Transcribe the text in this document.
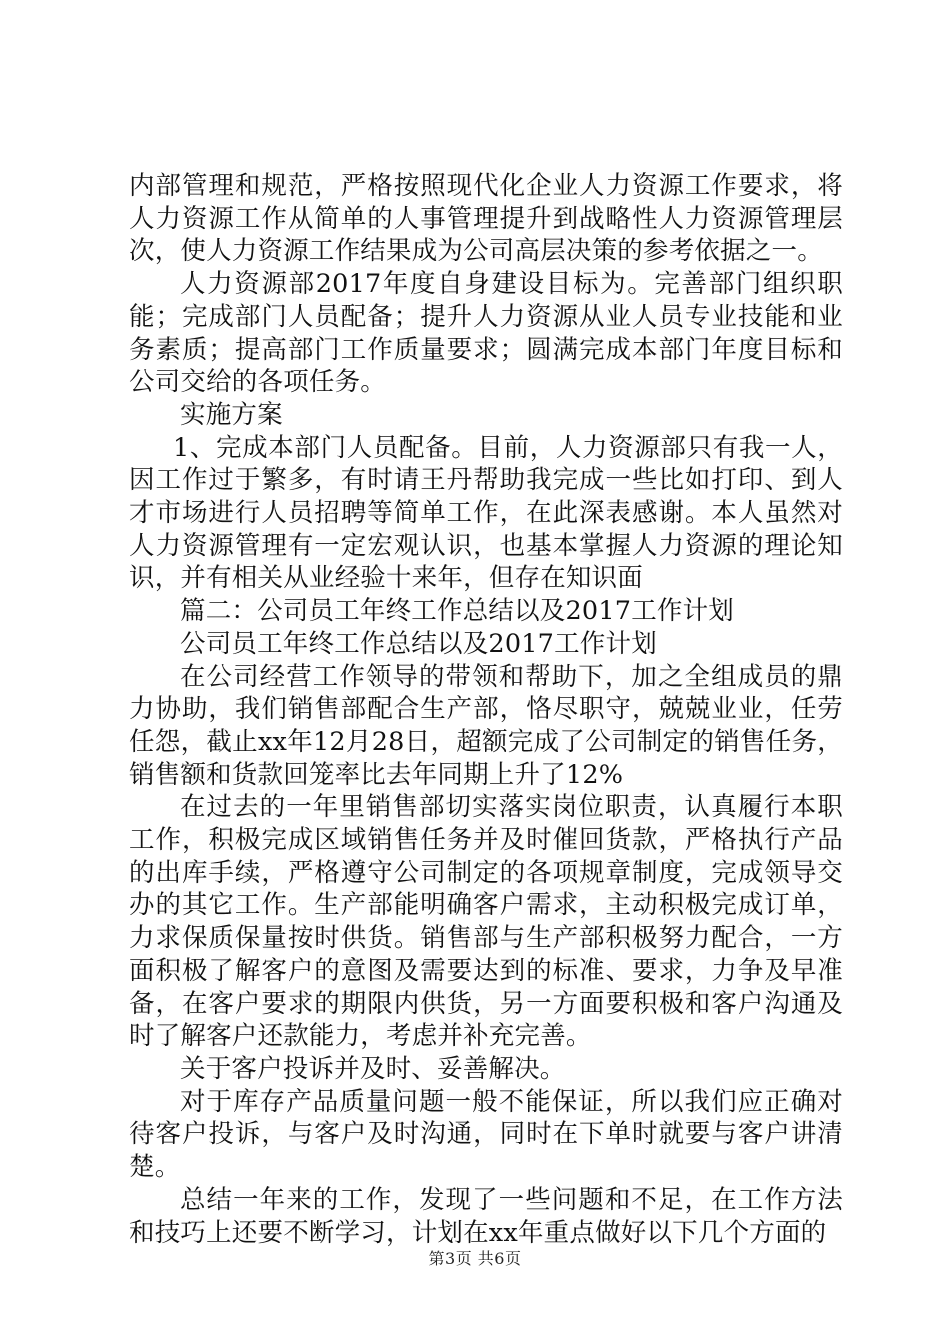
内部管理和规范，严格按照现代化企业人力资源工作要求，将人力资源工作从简单的人事管理提升到战略性人力资源管理层次，使人力资源工作结果成为公司高层决策的参考依据之一。

人力资源部2017年度自身建设目标为。完善部门组织职能；完成部门人员配备；提升人力资源从业人员专业技能和业务素质；提高部门工作质量要求；圆满完成本部门年度目标和公司交给的各项任务。

实施方案

1、完成本部门人员配备。目前，人力资源部只有我一人，因工作过于繁多，有时请王丹帮助我完成一些比如打印、到人才市场进行人员招聘等简单工作，在此深表感谢。本人虽然对人力资源管理有一定宏观认识，也基本掌握人力资源的理论知识，并有相关从业经验十来年，但存在知识面

篇二：公司员工年终工作总结以及2017工作计划

公司员工年终工作总结以及2017工作计划

在公司经营工作领导的带领和帮助下，加之全组成员的鼎力协助，我们销售部配合生产部，恪尽职守，兢兢业业，任劳任怨，截止xx年12月28日，超额完成了公司制定的销售任务，销售额和货款回笼率比去年同期上升了12%

在过去的一年里销售部切实落实岗位职责，认真履行本职工作，积极完成区域销售任务并及时催回货款，严格执行产品的出库手续，严格遵守公司制定的各项规章制度，完成领导交办的其它工作。生产部能明确客户需求，主动积极完成订单，力求保质保量按时供货。销售部与生产部积极努力配合，一方面积极了解客户的意图及需要达到的标准、要求，力争及早准备，在客户要求的期限内供货，另一方面要积极和客户沟通及时了解客户还款能力，考虑并补充完善。

关于客户投诉并及时、妥善解决。

对于库存产品质量问题一般不能保证，所以我们应正确对待客户投诉，与客户及时沟通，同时在下单时就要与客户讲清楚。

总结一年来的工作，发现了一些问题和不足，在工作方法和技巧上还要不断学习，计划在xx年重点做好以下几个方面的

第3页 共6页
